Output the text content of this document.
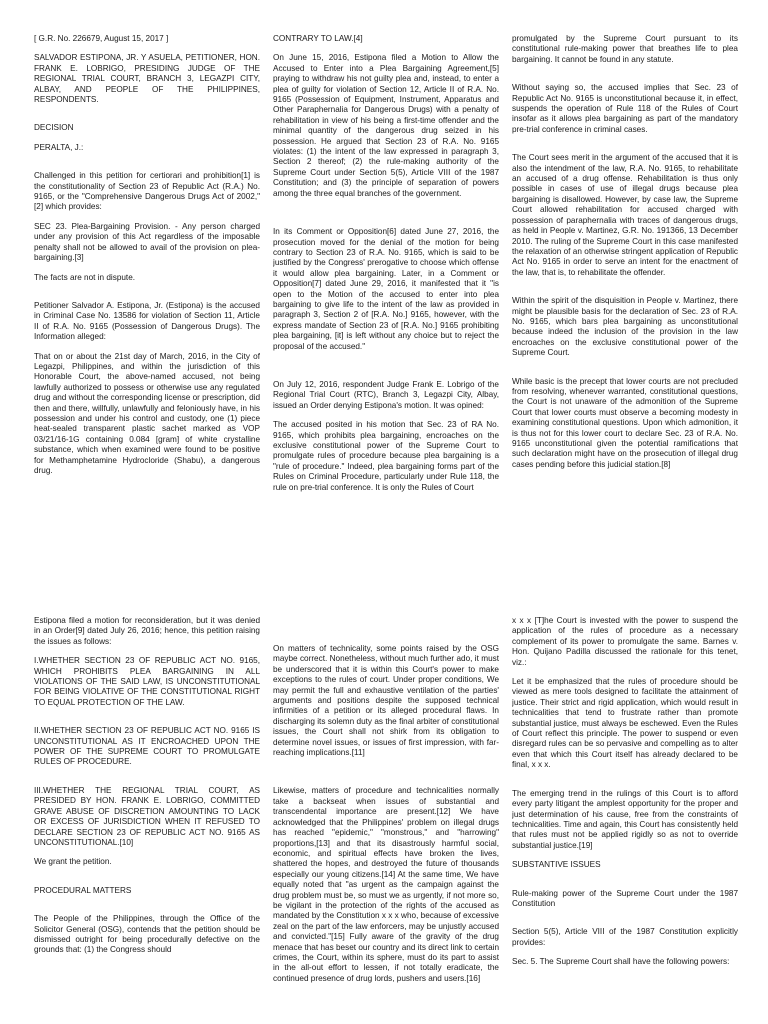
[ G.R. No. 226679, August 15, 2017 ]

SALVADOR ESTIPONA, JR. Y ASUELA, PETITIONER, HON. FRANK E. LOBRIGO, PRESIDING JUDGE OF THE REGIONAL TRIAL COURT, BRANCH 3, LEGAZPI CITY, ALBAY, AND PEOPLE OF THE PHILIPPINES, RESPONDENTS.

DECISION

PERALTA, J.:

Challenged in this petition for certiorari and prohibition[1] is the constitutionality of Section 23 of Republic Act (R.A.) No. 9165, or the "Comprehensive Dangerous Drugs Act of 2002,"[2] which provides:

SEC 23. Plea-Bargaining Provision. - Any person charged under any provision of this Act regardless of the imposable penalty shall not be allowed to avail of the provision on plea-bargaining.[3]

The facts are not in dispute.

Petitioner Salvador A. Estipona, Jr. (Estipona) is the accused in Criminal Case No. 13586 for violation of Section 11, Article II of R.A. No. 9165 (Possession of Dangerous Drugs). The Information alleged:

That on or about the 21st day of March, 2016, in the City of Legazpi, Philippines, and within the jurisdiction of this Honorable Court, the above-named accused, not being lawfully authorized to possess or otherwise use any regulated drug and without the corresponding license or prescription, did then and there, willfully, unlawfully and feloniously have, in his possession and under his control and custody, one (1) piece heat-sealed transparent plastic sachet marked as VOP 03/21/16-1G containing 0.084 [gram] of white crystalline substance, which when examined were found to be positive for Methamphetamine Hydrocloride (Shabu), a dangerous drug.

CONTRARY TO LAW.[4]

On June 15, 2016, Estipona filed a Motion to Allow the Accused to Enter into a Plea Bargaining Agreement,[5] praying to withdraw his not guilty plea and, instead, to enter a plea of guilty for violation of Section 12, Article II of R.A. No. 9165 (Possession of Equipment, Instrument, Apparatus and Other Paraphernalia for Dangerous Drugs) with a penalty of rehabilitation in view of his being a first-time offender and the minimal quantity of the dangerous drug seized in his possession. He argued that Section 23 of R.A. No. 9165 violates: (1) the intent of the law expressed in paragraph 3, Section 2 thereof; (2) the rule-making authority of the Supreme Court under Section 5(5), Article VIII of the 1987 Constitution; and (3) the principle of separation of powers among the three equal branches of the government.

In its Comment or Opposition[6] dated June 27, 2016, the prosecution moved for the denial of the motion for being contrary to Section 23 of R.A. No. 9165, which is said to be justified by the Congress' prerogative to choose which offense it would allow plea bargaining. Later, in a Comment or Opposition[7] dated June 29, 2016, it manifested that it "is open to the Motion of the accused to enter into plea bargaining to give life to the intent of the law as provided in paragraph 3, Section 2 of [R.A. No.] 9165, however, with the express mandate of Section 23 of [R.A. No.] 9165 prohibiting plea bargaining, [it] is left without any choice but to reject the proposal of the accused."

On July 12, 2016, respondent Judge Frank E. Lobrigo of the Regional Trial Court (RTC), Branch 3, Legazpi City, Albay, issued an Order denying Estipona's motion. It was opined:

The accused posited in his motion that Sec. 23 of RA No. 9165, which prohibits plea bargaining, encroaches on the exclusive constitutional power of the Supreme Court to promulgate rules of procedure because plea bargaining is a "rule of procedure." Indeed, plea bargaining forms part of the Rules on Criminal Procedure, particularly under Rule 118, the rule on pre-trial conference. It is only the Rules of Court

promulgated by the Supreme Court pursuant to its constitutional rule-making power that breathes life to plea bargaining. It cannot be found in any statute.

Without saying so, the accused implies that Sec. 23 of Republic Act No. 9165 is unconstitutional because it, in effect, suspends the operation of Rule 118 of the Rules of Court insofar as it allows plea bargaining as part of the mandatory pre-trial conference in criminal cases.

The Court sees merit in the argument of the accused that it is also the intendment of the law, R.A. No. 9165, to rehabilitate an accused of a drug offense. Rehabilitation is thus only possible in cases of use of illegal drugs because plea bargaining is disallowed. However, by case law, the Supreme Court allowed rehabilitation for accused charged with possession of paraphernalia with traces of dangerous drugs, as held in People v. Martinez, G.R. No. 191366, 13 December 2010. The ruling of the Supreme Court in this case manifested the relaxation of an otherwise stringent application of Republic Act No. 9165 in order to serve an intent for the enactment of the law, that is, to rehabilitate the offender.

Within the spirit of the disquisition in People v. Martinez, there might be plausible basis for the declaration of Sec. 23 of R.A. No. 9165, which bars plea bargaining as unconstitutional because indeed the inclusion of the provision in the law encroaches on the exclusive constitutional power of the Supreme Court.

While basic is the precept that lower courts are not precluded from resolving, whenever warranted, constitutional questions, the Court is not unaware of the admonition of the Supreme Court that lower courts must observe a becoming modesty in examining constitutional questions. Upon which admonition, it is thus not for this lower court to declare Sec. 23 of R.A. No. 9165 unconstitutional given the potential ramifications that such declaration might have on the prosecution of illegal drug cases pending before this judicial station.[8]

Estipona filed a motion for reconsideration, but it was denied in an Order[9] dated July 26, 2016; hence, this petition raising the issues as follows:

I.WHETHER SECTION 23 OF REPUBLIC ACT NO. 9165, WHICH PROHIBITS PLEA BARGAINING IN ALL VIOLATIONS OF THE SAID LAW, IS UNCONSTITUTIONAL FOR BEING VIOLATIVE OF THE CONSTITUTIONAL RIGHT TO EQUAL PROTECTION OF THE LAW.

II.WHETHER SECTION 23 OF REPUBLIC ACT NO. 9165 IS UNCONSTITUTIONAL AS IT ENCROACHED UPON THE POWER OF THE SUPREME COURT TO PROMULGATE RULES OF PROCEDURE.

III.WHETHER THE REGIONAL TRIAL COURT, AS PRESIDED BY HON. FRANK E. LOBRIGO, COMMITTED GRAVE ABUSE OF DISCRETION AMOUNTING TO LACK OR EXCESS OF JURISDICTION WHEN IT REFUSED TO DECLARE SECTION 23 OF REPUBLIC ACT NO. 9165 AS UNCONSTITUTIONAL.[10]

We grant the petition.

PROCEDURAL MATTERS

The People of the Philippines, through the Office of the Solicitor General (OSG), contends that the petition should be dismissed outright for being procedurally defective on the grounds that: (1) the Congress should

On matters of technicality, some points raised by the OSG maybe correct. Nonetheless, without much further ado, it must be underscored that it is within this Court's power to make exceptions to the rules of court. Under proper conditions, We may permit the full and exhaustive ventilation of the parties' arguments and positions despite the supposed technical infirmities of a petition or its alleged procedural flaws. In discharging its solemn duty as the final arbiter of constitutional issues, the Court shall not shirk from its obligation to determine novel issues, or issues of first impression, with far-reaching implications.[11]

Likewise, matters of procedure and technicalities normally take a backseat when issues of substantial and transcendental importance are present.[12] We have acknowledged that the Philippines' problem on illegal drugs has reached "epidemic," "monstrous," and "harrowing" proportions,[13] and that its disastrously harmful social, economic, and spiritual effects have broken the lives, shattered the hopes, and destroyed the future of thousands especially our young citizens.[14] At the same time, We have equally noted that "as urgent as the campaign against the drug problem must be, so must we as urgently, if not more so, be vigilant in the protection of the rights of the accused as mandated by the Constitution x x x who, because of excessive zeal on the part of the law enforcers, may be unjustly accused and convicted."[15] Fully aware of the gravity of the drug menace that has beset our country and its direct link to certain crimes, the Court, within its sphere, must do its part to assist in the all-out effort to lessen, if not totally eradicate, the continued presence of drug lords, pushers and users.[16]

x x x [T]he Court is invested with the power to suspend the application of the rules of procedure as a necessary complement of its power to promulgate the same. Barnes v. Hon. Quijano Padilla discussed the rationale for this tenet, viz.:

Let it be emphasized that the rules of procedure should be viewed as mere tools designed to facilitate the attainment of justice. Their strict and rigid application, which would result in technicalities that tend to frustrate rather than promote substantial justice, must always be eschewed. Even the Rules of Court reflect this principle. The power to suspend or even disregard rules can be so pervasive and compelling as to alter even that which this Court itself has already declared to be final, x x x.

The emerging trend in the rulings of this Court is to afford every party litigant the amplest opportunity for the proper and just determination of his cause, free from the constraints of technicalities. Time and again, this Court has consistently held that rules must not be applied rigidly so as not to override substantial justice.[19]

SUBSTANTIVE ISSUES

Rule-making power of the Supreme Court under the 1987 Constitution

Section 5(5), Article VIII of the 1987 Constitution explicitly provides:

Sec. 5. The Supreme Court shall have the following powers:
